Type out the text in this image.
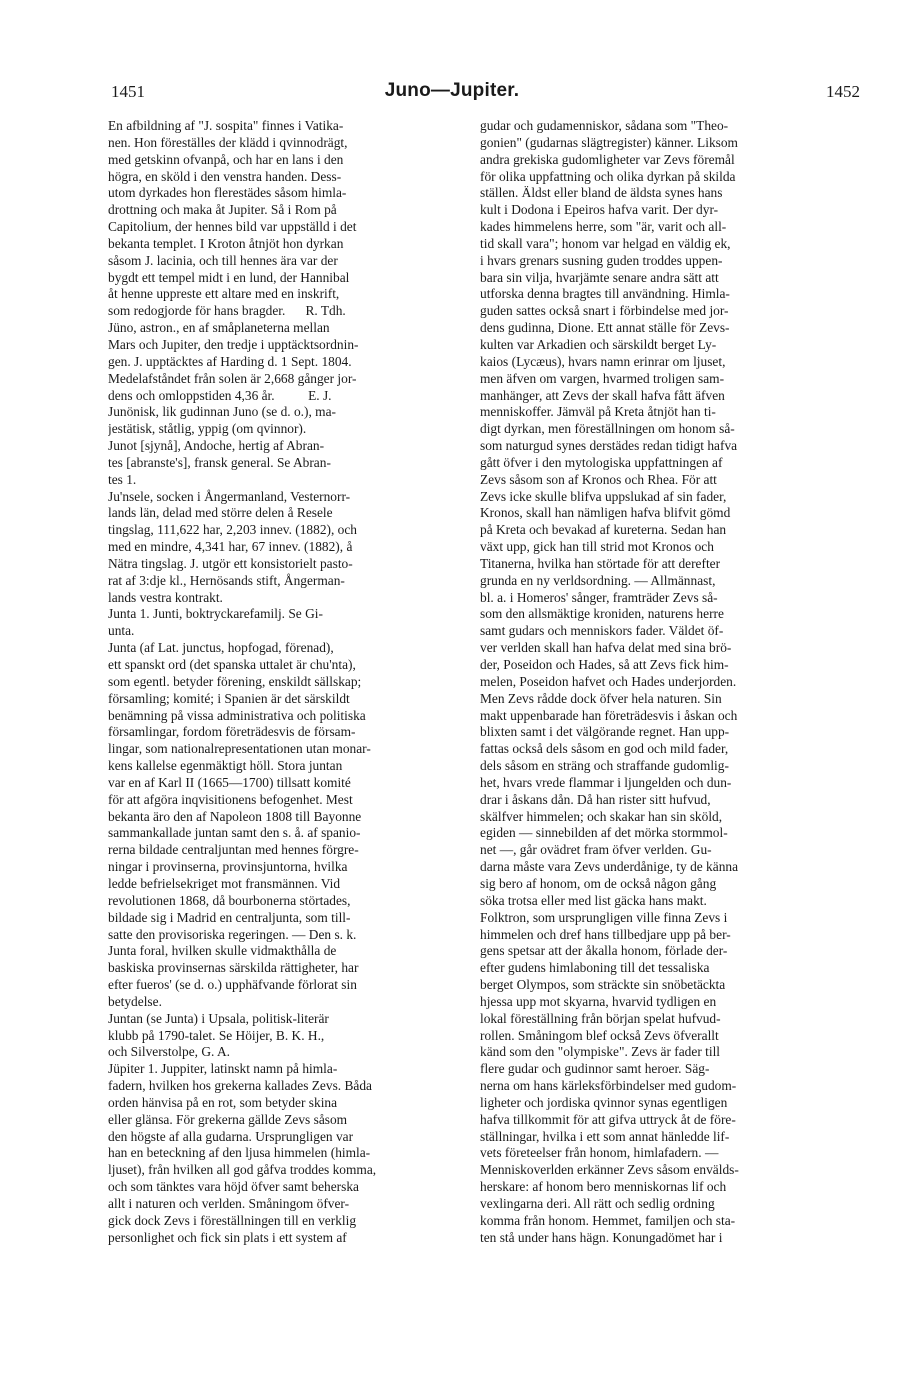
1451	Juno—Jupiter.	1452
En afbildning af "J. sospita" finnes i Vatika-
nen. Hon föreställes der klädd i qvinnodrägt,
med getskinn ofvanpå, och har en lans i den
högra, en sköld i den venstra handen. Dess-
utom dyrkades hon flerestädes såsom himla-
drottning och maka åt Jupiter. Så i Rom på
Capitolium, der hennes bild var uppställd i det
bekanta templet. I Kroton åtnjöt hon dyrkan
såsom J. lacinia, och till hennes ära var der
bygdt ett tempel midt i en lund, der Hannibal
åt henne uppreste ett altare med en inskrift,
som redogjorde för hans bragder.      R. Tdh.
Jüno, astron., en af småplaneterna mellan
Mars och Jupiter, den tredje i upptäcktsordnin-
gen. J. upptäcktes af Harding d. 1 Sept. 1804.
Medelafståndet från solen är 2,668 gånger jor-
dens och omloppstiden 4,36 år.          E. J.
Junönisk, lik gudinnan Juno (se d. o.), ma-
jestätisk, ståtlig, yppig (om qvinnor).
Junot [sjynå], Andoche, hertig af Abran-
tes [abranste's], fransk general. Se Abran-
tes 1.
Ju'nsele, socken i Ångermanland, Vesternorr-
lands län, delad med större delen å Resele
tingslag, 111,622 har, 2,203 innev. (1882), och
med en mindre, 4,341 har, 67 innev. (1882), å
Nätra tingslag. J. utgör ett konsistorielt pasto-
rat af 3:dje kl., Hernösands stift, Ångerman-
lands vestra kontrakt.
Junta 1. Junti, boktryckarefamilj. Se Gi-
unta.
Junta (af Lat. junctus, hopfogad, förenad),
ett spanskt ord (det spanska uttalet är chu'nta),
som egentl. betyder förening, enskildt sällskap;
församling; komité; i Spanien är det särskildt
benämning på vissa administrativa och politiska
församlingar, fordom företrädesvis de försam-
lingar, som nationalrepresentationen utan monar-
kens kallelse egenmäktigt höll. Stora juntan
var en af Karl II (1665—1700) tillsatt komité
för att afgöra inqvisitionens befogenhet. Mest
bekanta äro den af Napoleon 1808 till Bayonne
sammankallade juntan samt den s. å. af spanio-
rerna bildade centraljuntan med hennes förgre-
ningar i provinserna, provinsjuntorna, hvilka
ledde befrielsekriget mot fransmännen. Vid
revolutionen 1868, då bourbonerna störtades,
bildade sig i Madrid en centraljunta, som till-
satte den provisoriska regeringen. — Den s. k.
Junta foral, hvilken skulle vidmakthålla de
baskiska provinsernas särskilda rättigheter, har
efter fueros' (se d. o.) upphäfvande förlorat sin
betydelse.
Juntan (se Junta) i Upsala, politisk-literär
klubb på 1790-talet. Se Höijer, B. K. H.,
och Silverstolpe, G. A.
Jüpiter 1. Juppiter, latinskt namn på himla-
fadern, hvilken hos grekerna kallades Zevs. Båda
orden hänvisa på en rot, som betyder skina
eller glänsa. För grekerna gällde Zevs såsom
den högste af alla gudarna. Ursprungligen var
han en beteckning af den ljusa himmelen (himla-
ljuset), från hvilken all god gåfva troddes komma,
och som tänktes vara höjd öfver samt beherska
allt i naturen och verlden. Småningom öfver-
gick dock Zevs i föreställningen till en verklig
personlighet och fick sin plats i ett system af
gudar och gudamenniskor, sådana som "Theo-
gonien" (gudarnas slägtregister) känner. Liksom
andra grekiska gudomligheter var Zevs föremål
för olika uppfattning och olika dyrkan på skilda
ställen. Äldst eller bland de äldsta synes hans
kult i Dodona i Epeiros hafva varit. Der dyr-
kades himmelens herre, som "är, varit och all-
tid skall vara"; honom var helgad en väldig ek,
i hvars grenars susning guden troddes uppen-
bara sin vilja, hvarjämte senare andra sätt att
utforska denna bragtes till användning. Himla-
guden sattes också snart i förbindelse med jor-
dens gudinna, Dione. Ett annat ställe för Zevs-
kulten var Arkadien och särskildt berget Ly-
kaios (Lycæus), hvars namn erinrar om ljuset,
men äfven om vargen, hvarmed troligen sam-
manhänger, att Zevs der skall hafva fått äfven
menniskoffer. Jämväl på Kreta åtnjöt han ti-
digt dyrkan, men föreställningen om honom så-
som naturgud synes derstädes redan tidigt hafva
gått öfver i den mytologiska uppfattningen af
Zevs såsom son af Kronos och Rhea. För att
Zevs icke skulle blifva uppslukad af sin fader,
Kronos, skall han nämligen hafva blifvit gömd
på Kreta och bevakad af kureterna. Sedan han
växt upp, gick han till strid mot Kronos och
Titanerna, hvilka han störtade för att derefter
grunda en ny verldsordning. — Allmännast,
bl. a. i Homeros' sånger, framträder Zevs så-
som den allsmäktige kroniden, naturens herre
samt gudars och menniskors fader. Väldet öf-
ver verlden skall han hafva delat med sina brö-
der, Poseidon och Hades, så att Zevs fick him-
melen, Poseidon hafvet och Hades underjorden.
Men Zevs rådde dock öfver hela naturen. Sin
makt uppenbarade han företrädesvis i åskan och
blixten samt i det välgörande regnet. Han upp-
fattas också dels såsom en god och mild fader,
dels såsom en sträng och straffande gudomlig-
het, hvars vrede flammar i ljungelden och dun-
drar i åskans dån. Då han rister sitt hufvud,
skälfver himmelen; och skakar han sin sköld,
egiden — sinnebilden af det mörka stormmol-
net —, går ovädret fram öfver verlden. Gu-
darna måste vara Zevs underdånige, ty de känna
sig bero af honom, om de också någon gång
söka trotsa eller med list gäcka hans makt.
Folktron, som ursprungligen ville finna Zevs i
himmelen och dref hans tillbedjare upp på ber-
gens spetsar att der åkalla honom, förlade der-
efter gudens himlaboning till det tessaliska
berget Olympos, som sträckte sin snöbetäckta
hjessa upp mot skyarna, hvarvid tydligen en
lokal föreställning från början spelat hufvud-
rollen. Småningom blef också Zevs öfverallt
känd som den "olympiske". Zevs är fader till
flere gudar och gudinnor samt heroer. Säg-
nerna om hans kärleksförbindelser med gudom-
ligheter och jordiska qvinnor synas egentligen
hafva tillkommit för att gifva uttryck åt de före-
ställningar, hvilka i ett som annat hänledde lif-
vets företeelser från honom, himlafadern. —
Menniskoverlden erkänner Zevs såsom envälds-
herskare: af honom bero menniskornas lif och
vexlingarna deri. All rätt och sedlig ordning
komma från honom. Hemmet, familjen och sta-
ten stå under hans hägn. Konungadömet har i
